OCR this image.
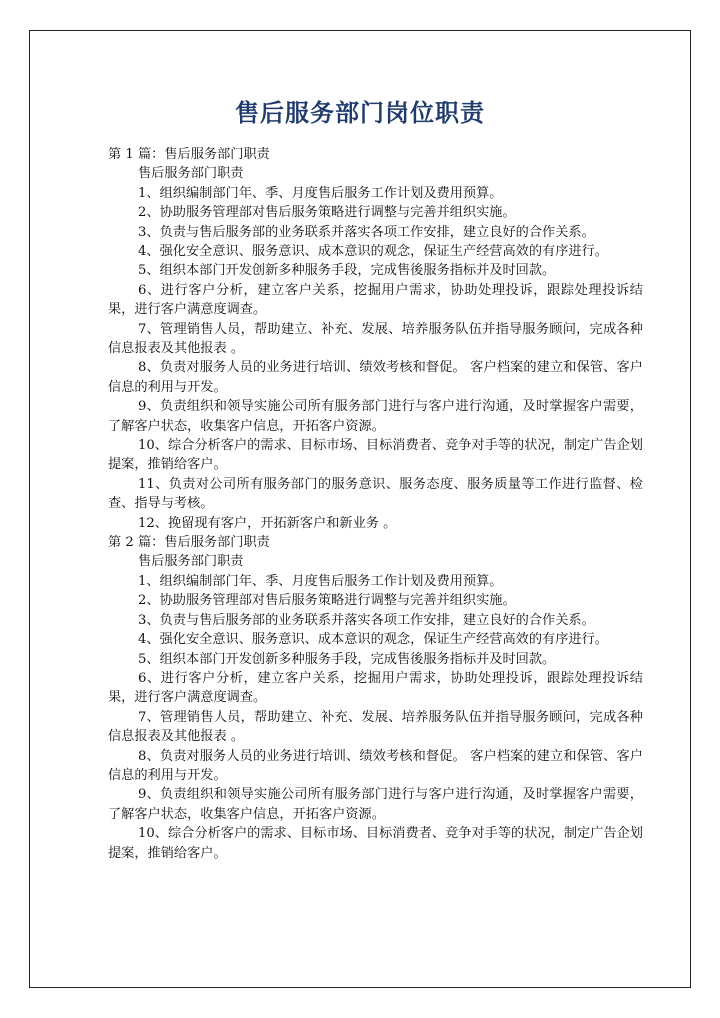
售后服务部门岗位职责
第 1 篇：售后服务部门职责
售后服务部门职责

1、组织编制部门年、季、月度售后服务工作计划及费用预算。

2、协助服务管理部对售后服务策略进行调整与完善并组织实施。

3、负责与售后服务部的业务联系并落实各项工作安排，建立良好的合作关系。

4、强化安全意识、服务意识、成本意识的观念，保证生产经营高效的有序进行。

5、组织本部门开发创新多种服务手段，完成售後服务指标并及时回款。

6、进行客户分析，建立客户关系，挖掘用户需求，协助处理投诉，跟踪处理投诉结果，进行客户满意度调查。

7、管理销售人员，帮助建立、补充、发展、培养服务队伍并指导服务顾问，完成各种信息报表及其他报表 。

8、负责对服务人员的业务进行培训、绩效考核和督促。 客户档案的建立和保管、客户信息的利用与开发。

9、负责组织和领导实施公司所有服务部门进行与客户进行沟通，及时掌握客户需要，了解客户状态，收集客户信息，开拓客户资源。

10、综合分析客户的需求、目标市场、目标消费者、竞争对手等的状况，制定广告企划提案，推销给客户。

11、负责对公司所有服务部门的服务意识、服务态度、服务质量等工作进行监督、检查、指导与考核。

12、挽留现有客户，开拓新客户和新业务 。

第 2 篇：售后服务部门职责
售后服务部门职责

1、组织编制部门年、季、月度售后服务工作计划及费用预算。

2、协助服务管理部对售后服务策略进行调整与完善并组织实施。

3、负责与售后服务部的业务联系并落实各项工作安排，建立良好的合作关系。

4、强化安全意识、服务意识、成本意识的观念，保证生产经营高效的有序进行。

5、组织本部门开发创新多种服务手段，完成售後服务指标并及时回款。

6、进行客户分析，建立客户关系，挖掘用户需求，协助处理投诉，跟踪处理投诉结果，进行客户满意度调查。

7、管理销售人员，帮助建立、补充、发展、培养服务队伍并指导服务顾问，完成各种信息报表及其他报表 。

8、负责对服务人员的业务进行培训、绩效考核和督促。 客户档案的建立和保管、客户信息的利用与开发。

9、负责组织和领导实施公司所有服务部门进行与客户进行沟通，及时掌握客户需要，了解客户状态，收集客户信息，开拓客户资源。

10、综合分析客户的需求、目标市场、目标消费者、竞争对手等的状况，制定广告企划提案，推销给客户。
